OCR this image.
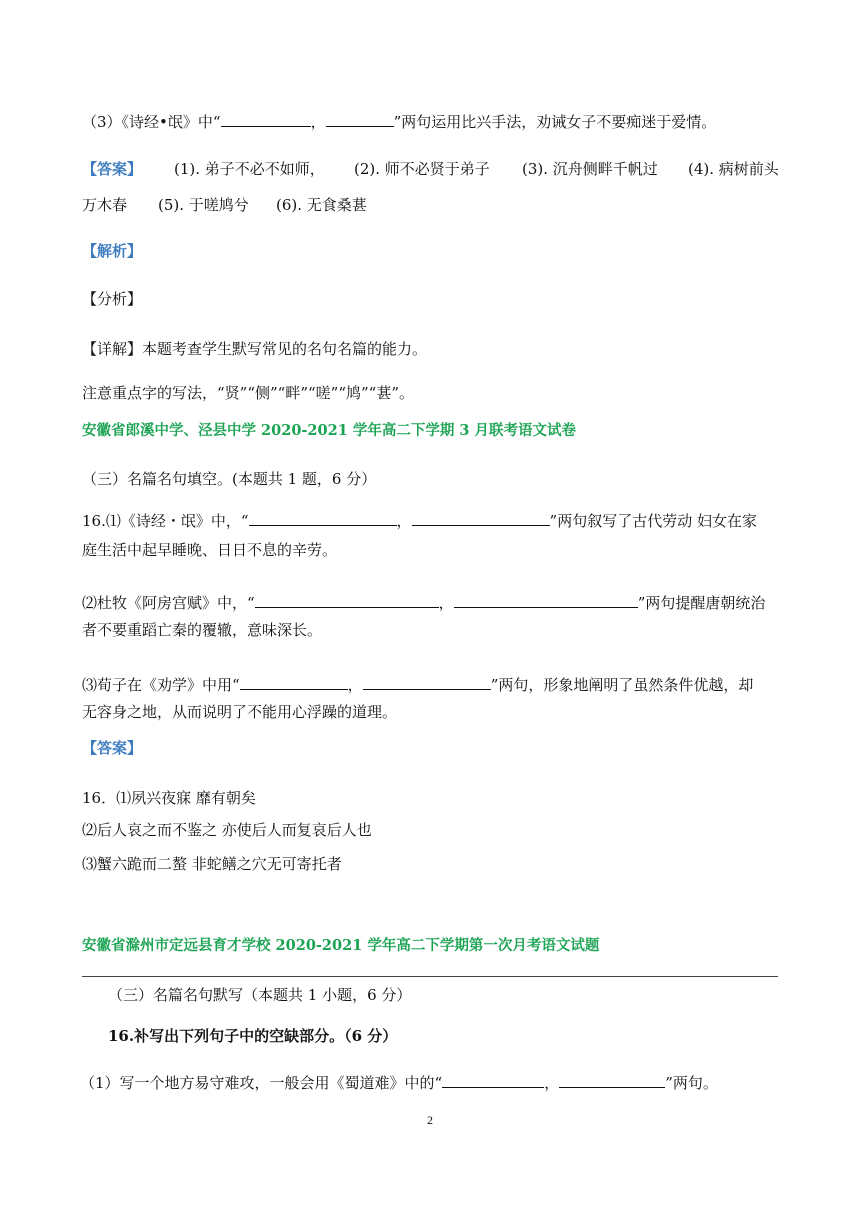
（3）《诗经•氓》中“	，	”两句运用比兴手法，劝诫女子不要痴迷于爱情。
【答案】 (1). 弟子不必不如师， (2). 师不必贤于弟子 (3). 沉舟侧畔千帆过 (4). 病树前头
万木春 (5). 于嗟鸠兮 (6). 无食桑葚
【解析】
【分析】
【详解】本题考查学生默写常见的名句名篇的能力。
注意重点字的写法，“贤”“侧”“畔”“嗟”“鸠”“葚”。
安徽省郎溪中学、泾县中学 2020-2021 学年高二下学期 3 月联考语文试卷
（三）名篇名句填空。(本题共 1 题，6 分）
16.⑴《诗经・氓》中，“	，	”两句叙写了古代劳动 妇女在家
庭生活中起早睡晚、日日不息的辛劳。
⑵杜牧《阿房宫赋》中，“	，	”两句提醒唐朝统治
者不要重蹈亡秦的覆辙，意味深长。
⑶荀子在《劝学》中用“	，	”两句，形象地阐明了虽然条件优越，却
无容身之地，从而说明了不能用心浮躁的道理。
【答案】
16．⑴夙兴夜寐 靡有朝矣
⑵后人哀之而不鉴之 亦使后人而复哀后人也
⑶蟹六跪而二螯 非蛇鳝之穴无可寄托者
安徽省滁州市定远县育才学校 2020-2021 学年高二下学期第一次月考语文试题
（三）名篇名句默写（本题共 1 小题，6 分）
16.补写出下列句子中的空缺部分。（6 分）
（1）写一个地方易守难攻，一般会用《蜀道难》中的“	，	”两句。
2
